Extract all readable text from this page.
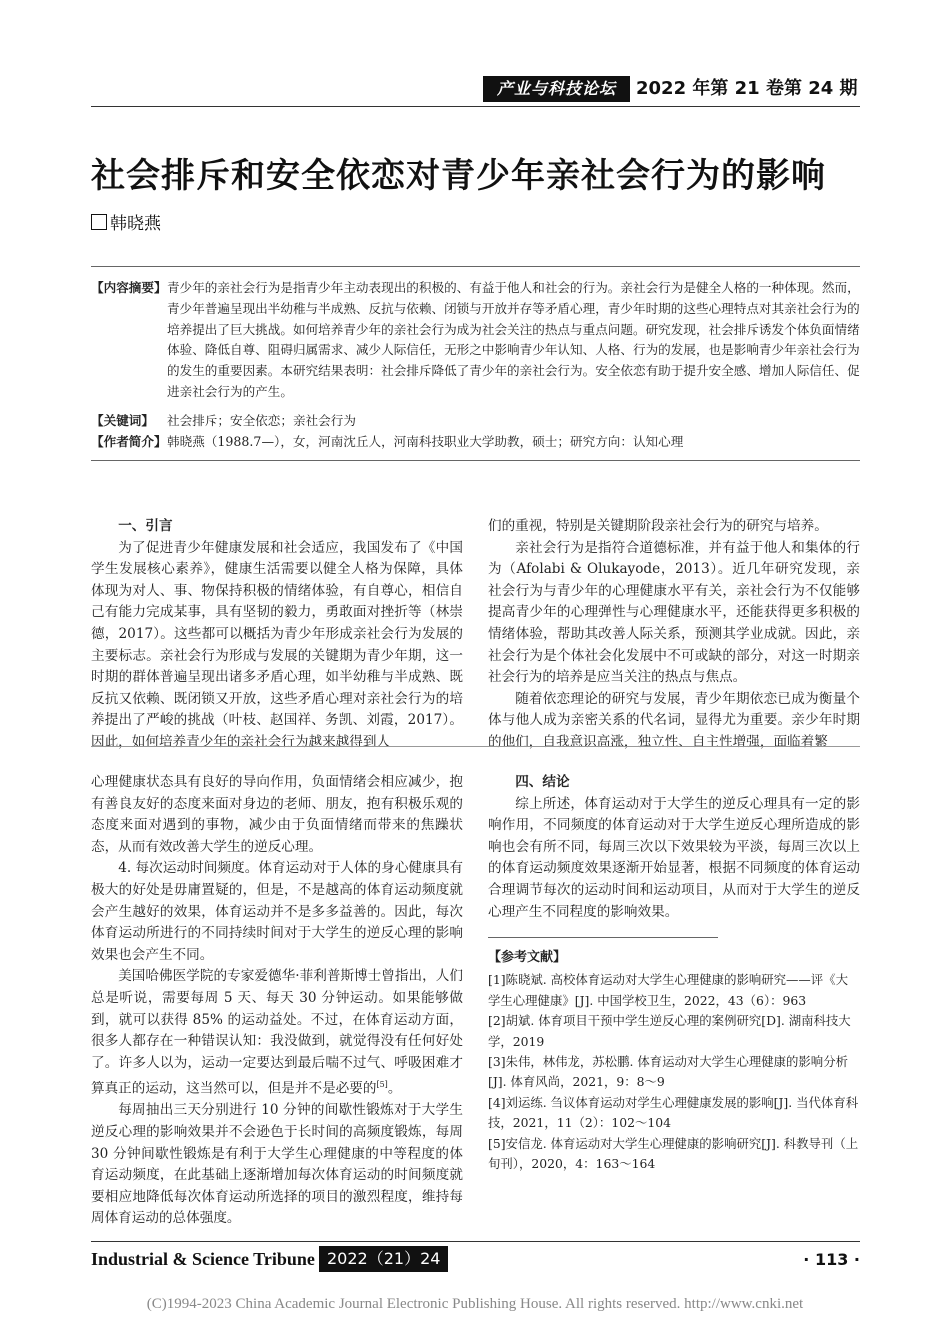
产业与科技论坛	2022 年第 21 卷第 24 期
社会排斥和安全依恋对青少年亲社会行为的影响
韩晓燕
【内容摘要】青少年的亲社会行为是指青少年主动表现出的积极的、有益于他人和社会的行为。亲社会行为是健全人格的一种体现。然而，青少年普遍呈现出半幼稚与半成熟、反抗与依赖、闭锁与开放并存等矛盾心理，青少年时期的这些心理特点对其亲社会行为的培养提出了巨大挑战。如何培养青少年的亲社会行为成为社会关注的热点与重点问题。研究发现，社会排斥诱发个体负面情绪体验、降低自尊、阻碍归属需求、减少人际信任，无形之中影响青少年认知、人格、行为的发展，也是影响青少年亲社会行为的发生的重要因素。本研究结果表明：社会排斥降低了青少年的亲社会行为。安全依恋有助于提升安全感、增加人际信任、促进亲社会行为的产生。
【关键词】 社会排斥；安全依恋；亲社会行为
【作者简介】韩晓燕（1988.7—），女，河南沈丘人，河南科技职业大学助教，硕士；研究方向：认知心理

一、引言

为了促进青少年健康发展和社会适应，我国发布了《中国学生发展核心素养》，健康生活需要以健全人格为保障，具体体现为对人、事、物保持积极的情绪体验，有自尊心，相信自己有能力完成某事，具有坚韧的毅力，勇敢面对挫折等（林崇德，2017）。这些都可以概括为青少年形成亲社会行为发展的主要标志。亲社会行为形成与发展的关键期为青少年期，这一时期的群体普遍呈现出诸多矛盾心理，如半幼稚与半成熟、既反抗又依赖、既闭锁又开放，这些矛盾心理对亲社会行为的培养提出了严峻的挑战（叶枝、赵国祥、务凯、刘霞，2017）。因此，如何培养青少年的亲社会行为越来越得到人

们的重视，特别是关键期阶段亲社会行为的研究与培养。

亲社会行为是指符合道德标准，并有益于他人和集体的行为（Afolabi & Olukayode，2013）。近几年研究发现，亲社会行为与青少年的心理健康水平有关，亲社会行为不仅能够提高青少年的心理弹性与心理健康水平，还能获得更多积极的情绪体验，帮助其改善人际关系，预测其学业成就。因此，亲社会行为是个体社会化发展中不可或缺的部分，对这一时期亲社会行为的培养是应当关注的热点与焦点。

随着依恋理论的研究与发展，青少年期依恋已成为衡量个体与他人成为亲密关系的代名词，显得尤为重要。亲少年时期的他们，自我意识高涨，独立性、自主性增强，面临着繁

心理健康状态具有良好的导向作用，负面情绪会相应减少，抱有善良友好的态度来面对身边的老师、朋友，抱有积极乐观的态度来面对遇到的事物，减少由于负面情绪而带来的焦躁状态，从而有效改善大学生的逆反心理。

4. 每次运动时间频度。体育运动对于人体的身心健康具有极大的好处是毋庸置疑的，但是，不是越高的体育运动频度就会产生越好的效果，体育运动并不是多多益善的。因此，每次体育运动所进行的不同持续时间对于大学生的逆反心理的影响效果也会产生不同。

美国哈佛医学院的专家爱德华·菲利普斯博士曾指出，人们总是听说，需要每周 5 天、每天 30 分钟运动。如果能够做到，就可以获得 85% 的运动益处。不过，在体育运动方面，很多人都存在一种错误认知：我没做到，就觉得没有任何好处了。许多人以为，运动一定要达到最后喘不过气、呼吸困难才算真正的运动，这当然可以，但是并不是必要的[5]。

每周抽出三天分别进行 10 分钟的间歇性锻炼对于大学生逆反心理的影响效果并不会逊色于长时间的高频度锻炼，每周 30 分钟间歇性锻炼是有利于大学生心理健康的中等程度的体育运动频度，在此基础上逐渐增加每次体育运动的时间频度就要相应地降低每次体育运动所选择的项目的激烈程度，维持每周体育运动的总体强度。

四、结论

综上所述，体育运动对于大学生的逆反心理具有一定的影响作用，不同频度的体育运动对于大学生逆反心理所造成的影响也会有所不同，每周三次以下效果较为平淡，每周三次以上的体育运动频度效果逐渐开始显著，根据不同频度的体育运动合理调节每次的运动时间和运动项目，从而对于大学生的逆反心理产生不同程度的影响效果。

【参考文献】
[1]陈晓斌. 高校体育运动对大学生心理健康的影响研究——评《大学生心理健康》[J]. 中国学校卫生，2022，43（6）：963
[2]胡斌. 体育项目干预中学生逆反心理的案例研究[D]. 湖南科技大学，2019
[3]朱伟，林伟龙，苏松鹏. 体育运动对大学生心理健康的影响分析[J]. 体育风尚，2021，9：8～9
[4]刘运练. 刍议体育运动对学生心理健康发展的影响[J]. 当代体育科技，2021，11（2）：102～104
[5]安信龙. 体育运动对大学生心理健康的影响研究[J]. 科教导刊（上旬刊），2020，4：163～164
Industrial & Science Tribune 2022（21）24	· 113 ·
(C)1994-2023 China Academic Journal Electronic Publishing House. All rights reserved. http://www.cnki.net
